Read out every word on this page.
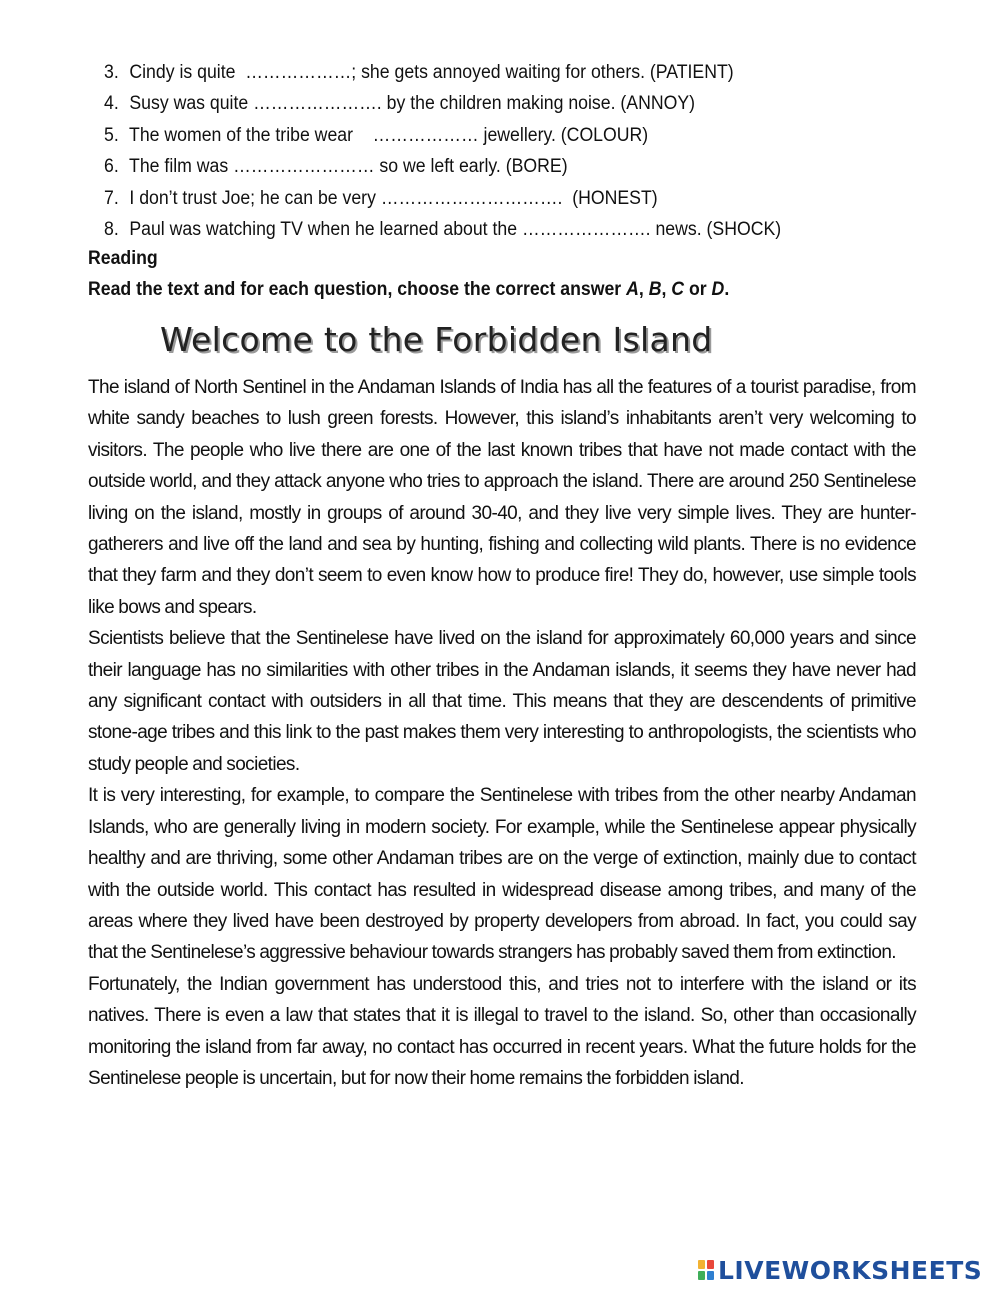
3. Cindy is quite  ………………; she gets annoyed waiting for others. (PATIENT)
4. Susy was quite …………………. by the children making noise. (ANNOY)
5. The women of the tribe wear    ……………… jewellery. (COLOUR)
6. The film was …………………… so we left early. (BORE)
7. I don’t trust Joe; he can be very ………………………….  (HONEST)
8. Paul was watching TV when he learned about the …………………. news. (SHOCK)
Reading
Read the text and for each question, choose the correct answer A, B, C or D.
Welcome to the Forbidden Island

The island of North Sentinel in the Andaman Islands of India has all the features of a tourist paradise, from white sandy beaches to lush green forests. However, this island’s inhabitants aren’t very welcoming to visitors. The people who live there are one of the last known tribes that have not made contact with the outside world, and they attack anyone who tries to approach the island. There are around 250 Sentinelese living on the island, mostly in groups of around 30-40, and they live very simple lives. They are hunter-gatherers and live off the land and sea by hunting, fishing and collecting wild plants. There is no evidence that they farm and they don’t seem to even know how to produce fire! They do, however, use simple tools like bows and spears.

Scientists believe that the Sentinelese have lived on the island for approximately 60,000 years and since their language has no similarities with other tribes in the Andaman islands, it seems they have never had any significant contact with outsiders in all that time. This means that they are descendents of primitive stone-age tribes and this link to the past makes them very interesting to anthropologists, the scientists who study people and societies.

It is very interesting, for example, to compare the Sentinelese with tribes from the other nearby Andaman Islands, who are generally living in modern society. For example, while the Sentinelese appear physically healthy and are thriving, some other Andaman tribes are on the verge of extinction, mainly due to contact with the outside world. This contact has resulted in widespread disease among tribes, and many of the areas where they lived have been destroyed by property developers from abroad. In fact, you could say that the Sentinelese’s aggressive behaviour towards strangers has probably saved them from extinction.

Fortunately, the Indian government has understood this, and tries not to interfere with the island or its natives. There is even a law that states that it is illegal to travel to the island. So, other than occasionally monitoring the island from far away, no contact has occurred in recent years. What the future holds for the Sentinelese people is uncertain, but for now their home remains the forbidden island.

LIVEWORKSHEETS
